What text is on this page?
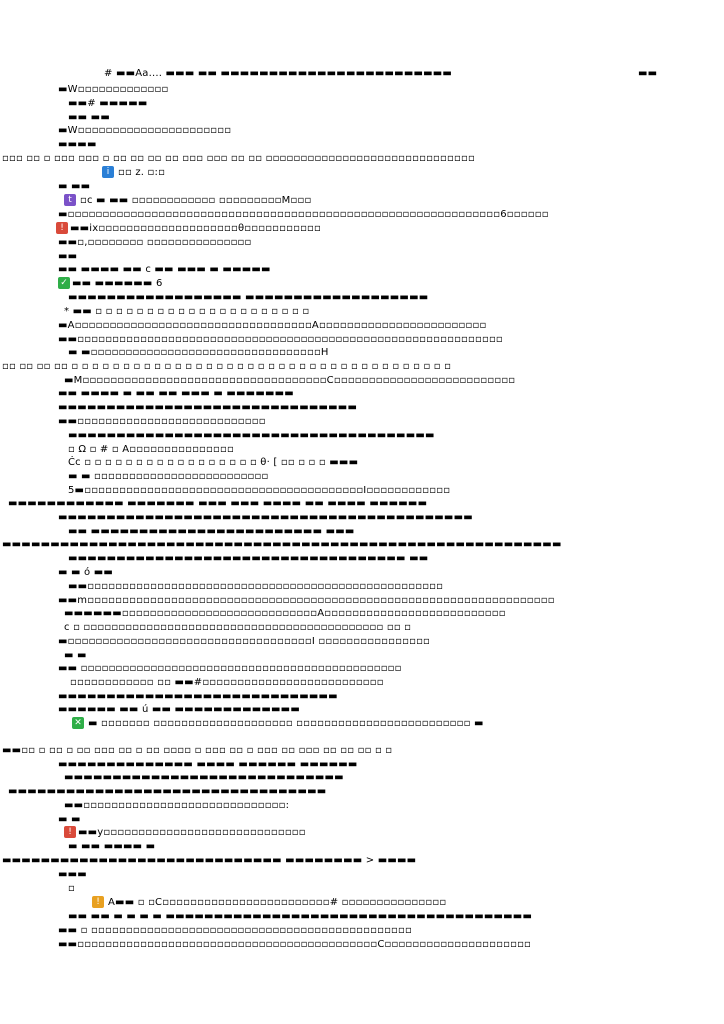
# ▬▬Aa.... ▬▬▬ ▬▬ ▬▬▬▬▬▬▬▬▬▬▬▬▬▬▬▬▬▬▬▬▬▬▬▬	▬▬
▬W▫▫▫▫▫▫▫▫▫▫▫▫▫
▬▬# ▬▬▬▬▬
▬▬ ▬▬
▬W▫▫▫▫▫▫▫▫▫▫▫▫▫▫▫▫▫▫▫▫▫▫
▬▬▬▬
▫▫▫ ▫▫ ▫ ▫▫▫ ▫▫▫ ▫ ▫▫ ▫▫ ▫▫ ▫▫ ▫▫▫ ▫▫▫ ▫▫ ▫▫ ▫▫▫▫▫▫▫▫▫▫▫▫▫▫▫▫▫▫▫▫▫▫▫▫▫▫▫▫▫▫
i ▫▫ z. ▫:▫
▬ ▬▬
t ▫c ▬ ▬▬ ▫▫▫▫▫▫▫▫▫▫▫▫ ▫▫▫▫▫▫▫▫▫M▫▫▫
▬▫▫▫▫▫▫▫▫▫▫▫▫▫▫▫▫▫▫▫▫▫▫▫▫▫▫▫▫▫▫▫▫▫▫▫▫▫▫▫▫▫▫▫▫▫▫▫▫▫▫▫▫▫▫▫▫▫▫▫▫▫▫6▫▫▫▫▫▫
! ▬▬ix▫▫▫▫▫▫▫▫▫▫▫▫▫▫▫▫▫▫▫▫θ▫▫▫▫▫▫▫▫▫▫▫
▬▬▫,▫▫▫▫▫▫▫▫ ▫▫▫▫▫▫▫▫▫▫▫▫▫▫▫
▬▬
▬▬ ▬▬▬▬ ▬▬ c ▬▬ ▬▬▬ ▬ ▬▬▬▬▬
✓ ▬▬ ▬▬▬▬▬▬ 6
▬▬▬▬▬▬▬▬▬▬▬▬▬▬▬▬▬▬ ▬▬▬▬▬▬▬▬▬▬▬▬▬▬▬▬▬▬▬
* ▬▬ ▫ ▫ ▫ ▫ ▫ ▫ ▫ ▫ ▫ ▫ ▫ ▫ ▫ ▫ ▫ ▫ ▫ ▫ ▫ ▫ ▫
▬A▫▫▫▫▫▫▫▫▫▫▫▫▫▫▫▫▫▫▫▫▫▫▫▫▫▫▫▫▫▫▫▫▫▫A▫▫▫▫▫▫▫▫▫▫▫▫▫▫▫▫▫▫▫▫▫▫▫▫
▬▬▫▫▫▫▫▫▫▫▫▫▫▫▫▫▫▫▫▫▫▫▫▫▫▫▫▫▫▫▫▫▫▫▫▫▫▫▫▫▫▫▫▫▫▫▫▫▫▫▫▫▫▫▫▫▫▫▫▫▫▫▫
▬ ▬▫▫▫▫▫▫▫▫▫▫▫▫▫▫▫▫▫▫▫▫▫▫▫▫▫▫▫▫▫▫▫▫▫H
▫▫ ▫▫ ▫▫ ▫▫ ▫ ▫ ▫ ▫ ▫ ▫ ▫ ▫ ▫ ▫ ▫ ▫ ▫ ▫ ▫ ▫ ▫ ▫ ▫ ▫ ▫ ▫ ▫ ▫ ▫ ▫ ▫ ▫ ▫ ▫ ▫ ▫ ▫ ▫ ▫ ▫ ▫
▬M▫▫▫▫▫▫▫▫▫▫▫▫▫▫▫▫▫▫▫▫▫▫▫▫▫▫▫▫▫▫▫▫▫▫▫C▫▫▫▫▫▫▫▫▫▫▫▫▫▫▫▫▫▫▫▫▫▫▫▫▫▫
▬▬ ▬▬▬▬ ▬ ▬▬ ▬▬ ▬▬▬ ▬ ▬▬▬▬▬▬▬
▬▬▬▬▬▬▬▬▬▬▬▬▬▬▬▬▬▬▬▬▬▬▬▬▬▬▬▬▬▬▬
▬▬▫▫▫▫▫▫▫▫▫▫▫▫▫▫▫▫▫▫▫▫▫▫▫▫▫▫▫
▬▬▬▬▬▬▬▬▬▬▬▬▬▬▬▬▬▬▬▬▬▬▬▬▬▬▬▬▬▬▬▬▬▬▬▬▬▬
▫ Ω ▫ # ▫ A▫▫▫▫▫▫▫▫▫▫▫▫▫▫▫
Ċc ▫ ▫ ▫ ▫ ▫ ▫ ▫ ▫ ▫ ▫ ▫ ▫ ▫ ▫ ▫ ▫ ▫ θ· [ ▫▫ ▫ ▫ ▫ ▬▬▬
▬ ▬ ▫▫▫▫▫▫▫▫▫▫▫▫▫▫▫▫▫▫▫▫▫▫▫▫▫
5▬▫▫▫▫▫▫▫▫▫▫▫▫▫▫▫▫▫▫▫▫▫▫▫▫▫▫▫▫▫▫▫▫▫▫▫▫▫▫▫▫I▫▫▫▫▫▫▫▫▫▫▫▫
▬▬▬▬▬▬▬▬▬▬▬▬ ▬▬▬▬▬▬▬ ▬▬▬ ▬▬▬ ▬▬▬▬ ▬▬ ▬▬▬▬ ▬▬▬▬▬▬
▬▬▬▬▬▬▬▬▬▬▬▬▬▬▬▬▬▬▬▬▬▬▬▬▬▬▬▬▬▬▬▬▬▬▬▬▬▬▬▬▬▬▬
▬▬ ▬▬▬▬▬▬▬▬▬▬▬▬▬▬▬▬▬▬▬▬▬▬▬▬ ▬▬▬
▬▬▬▬▬▬▬▬▬▬▬▬▬▬▬▬▬▬▬▬▬▬▬▬▬▬▬▬▬▬▬▬▬▬▬▬▬▬▬▬▬▬▬▬▬▬▬▬▬▬▬▬▬▬▬▬▬▬
▬▬▬▬▬▬▬▬▬▬▬▬▬▬▬▬▬▬▬▬▬▬▬▬▬▬▬▬▬▬▬▬▬▬▬ ▬▬
▬ ▬ ó ▬▬
▬▬▫▫▫▫▫▫▫▫▫▫▫▫▫▫▫▫▫▫▫▫▫▫▫▫▫▫▫▫▫▫▫▫▫▫▫▫▫▫▫▫▫▫▫▫▫▫▫▫▫▫▫
▬▬m▫▫▫▫▫▫▫▫▫▫▫▫▫▫▫▫▫▫▫▫▫▫▫▫▫▫▫▫▫▫▫▫▫▫▫▫▫▫▫▫▫▫▫▫▫▫▫▫▫▫▫▫▫▫▫▫▫▫▫▫▫▫▫▫▫▫▫
▬▬▬▬▬▬▫▫▫▫▫▫▫▫▫▫▫▫▫▫▫▫▫▫▫▫▫▫▫▫▫▫▫▫A▫▫▫▫▫▫▫▫▫▫▫▫▫▫▫▫▫▫▫▫▫▫▫▫▫▫
c ▫ ▫▫▫▫▫▫▫▫▫▫▫▫▫▫▫▫▫▫▫▫▫▫▫▫▫▫▫▫▫▫▫▫▫▫▫▫▫▫▫▫▫▫▫ ▫▫ ▫
▬▫▫▫▫▫▫▫▫▫▫▫▫▫▫▫▫▫▫▫▫▫▫▫▫▫▫▫▫▫▫▫▫▫▫▫I ▫▫▫▫▫▫▫▫▫▫▫▫▫▫▫▫
▬ ▬
▬▬ ▫▫▫▫▫▫▫▫▫▫▫▫▫▫▫▫▫▫▫▫▫▫▫▫▫▫▫▫▫▫▫▫▫▫▫▫▫▫▫▫▫▫▫▫▫▫
▫▫▫▫▫▫▫▫▫▫▫▫ ▫▫ ▬▬#▫▫▫▫▫▫▫▫▫▫▫▫▫▫▫▫▫▫▫▫▫▫▫▫▫▫
▬▬▬▬▬▬▬▬▬▬▬▬▬▬▬▬▬▬▬▬▬▬▬▬▬▬▬▬▬
▬▬▬▬▬▬ ▬▬ ú ▬▬ ▬▬▬▬▬▬▬▬▬▬▬▬▬
✕ ▬ ▫▫▫▫▫▫▫ ▫▫▫▫▫▫▫▫▫▫▫▫▫▫▫▫▫▫▫▫ ▫▫▫▫▫▫▫▫▫▫▫▫▫▫▫▫▫▫▫▫▫▫▫▫▫ ▬
▬▬▫▫ ▫ ▫▫ ▫ ▫▫ ▫▫▫ ▫▫ ▫ ▫▫ ▫▫▫▫ ▫ ▫▫▫ ▫▫ ▫ ▫▫▫ ▫▫ ▫▫▫ ▫▫ ▫▫ ▫▫ ▫ ▫
▬▬▬▬▬▬▬▬▬▬▬▬▬▬ ▬▬▬▬ ▬▬▬▬▬▬ ▬▬▬▬▬▬
▬▬▬▬▬▬▬▬▬▬▬▬▬▬▬▬▬▬▬▬▬▬▬▬▬▬▬▬▬▬▬▬▬
▬▬▬▬▬▬▬▬▬▬▬▬▬▬▬▬▬▬▬▬▬▬▬▬▬▬▬▬▬
▬▬▫▫▫▫▫▫▫▫▫▫▫▫▫▫▫▫▫▫▫▫▫▫▫▫▫▫▫▫▫:
▬ ▬
! ▬▬y▫▫▫▫▫▫▫▫▫▫▫▫▫▫▫▫▫▫▫▫▫▫▫▫▫▫▫▫▫
▬ ▬▬ ▬▬▬▬ ▬
▬▬▬▬▬▬▬▬▬▬▬▬▬▬▬▬▬▬▬▬▬▬▬▬▬▬▬▬▬ ▬▬▬▬▬▬▬▬ > ▬▬▬▬
▬▬▬
▫
! A▬▬ ▫ ▫C▫▫▫▫▫▫▫▫▫▫▫▫▫▫▫▫▫▫▫▫▫▫▫▫# ▫▫▫▫▫▫▫▫▫▫▫▫▫▫▫
▬▬ ▬▬ ▬ ▬ ▬ ▬ ▬▬▬▬▬▬▬▬▬▬▬▬▬▬▬▬▬▬▬▬▬▬▬▬▬▬▬▬▬▬▬▬▬▬▬▬▬▬
▬▬ ▫ ▫▫▫▫▫▫▫▫▫▫▫▫▫▫▫▫▫▫▫▫▫▫▫▫▫▫▫▫▫▫▫▫▫▫▫▫▫▫▫▫▫▫▫▫▫▫
▬▬▫▫▫▫▫▫▫▫▫▫▫▫▫▫▫▫▫▫▫▫▫▫▫▫▫▫▫▫▫▫▫▫▫▫▫▫▫▫▫▫▫▫▫C▫▫▫▫▫▫▫▫▫▫▫▫▫▫▫▫▫▫▫▫▫
